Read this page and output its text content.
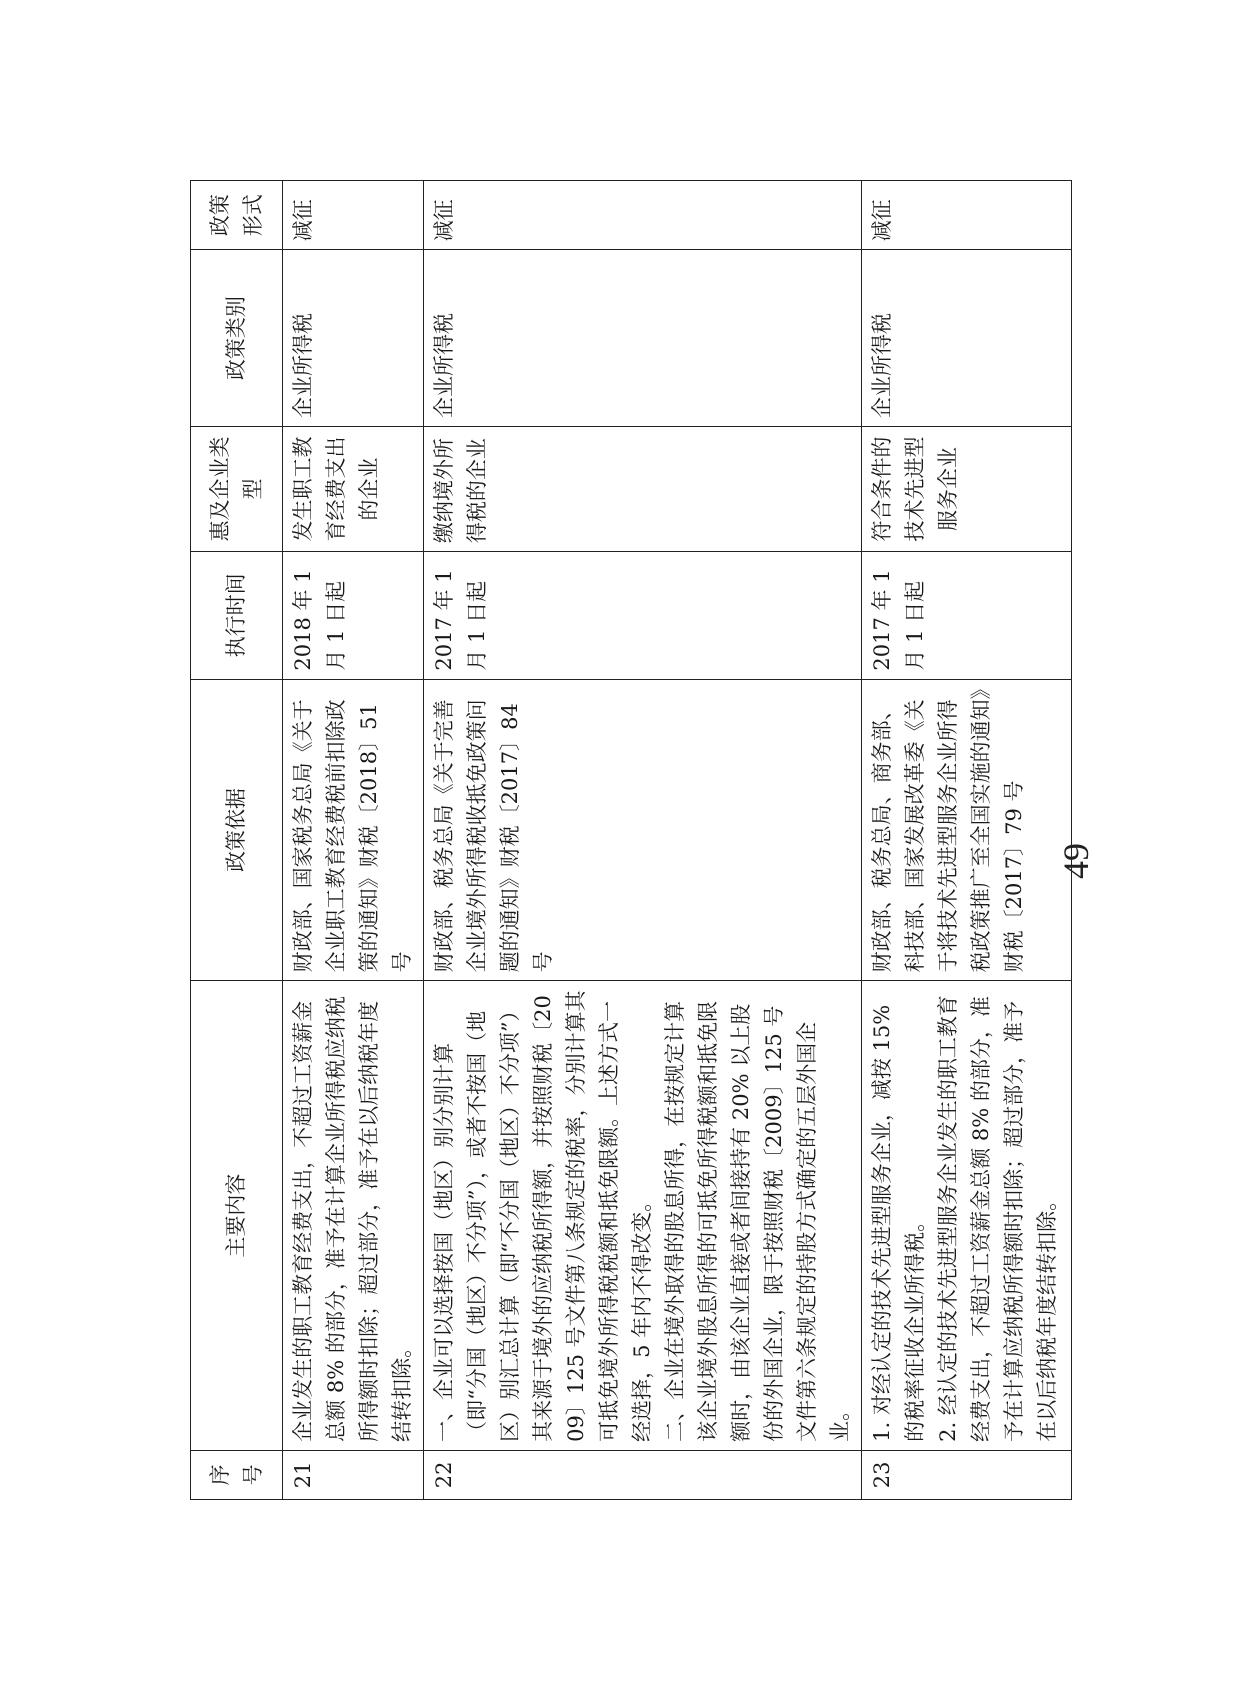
序号	主要内容	政策依据	执行时间	惠及企业类型	政策类别	政策形式
21	企业发生的职工教育经费支出，不超过工资薪金总额 8% 的部分，准予在计算企业所得税应纳税所得额时扣除；超过部分，准予在以后纳税年度结转扣除。	财政部、国家税务总局《关于企业职工教育经费税前扣除政策的通知》财税〔2018〕51 号	2018 年 1 月 1 日起	发生职工教育经费支出的企业	企业所得税	减征
22	一、企业可以选择按国（地区）别分别计算（即“分国（地区）不分项”），或者不按国（地区）别汇总计算（即“不分国（地区）不分项”）其来源于境外的应纳税所得额，并按照财税〔2009〕125 号文件第八条规定的税率，分别计算其可抵免境外所得税税额和抵免限额。上述方式一经选择，5 年内不得改变。 二、企业在境外取得的股息所得，在按规定计算该企业境外股息所得的可抵免所得税额和抵免限额时，由该企业直接或者间接持有 20% 以上股份的外国企业，限于按照财税〔2009〕125 号文件第六条规定的持股方式确定的五层外国企业。	财政部、税务总局《关于完善企业境外所得税收抵免政策问题的通知》财税〔2017〕84 号	2017 年 1 月 1 日起	缴纳境外所得税的企业	企业所得税	减征
23	1. 对经认定的技术先进型服务企业，减按 15% 的税率征收企业所得税。 2. 经认定的技术先进型服务企业发生的职工教育经费支出，不超过工资薪金总额 8% 的部分，准予在计算应纳税所得额时扣除；超过部分，准予在以后纳税年度结转扣除。	财政部、税务总局、商务部、科技部、国家发展改革委《关于将技术先进型服务企业所得税政策推广至全国实施的通知》财税〔2017〕79 号	2017 年 1 月 1 日起	符合条件的技术先进型服务企业	企业所得税	减征
49
